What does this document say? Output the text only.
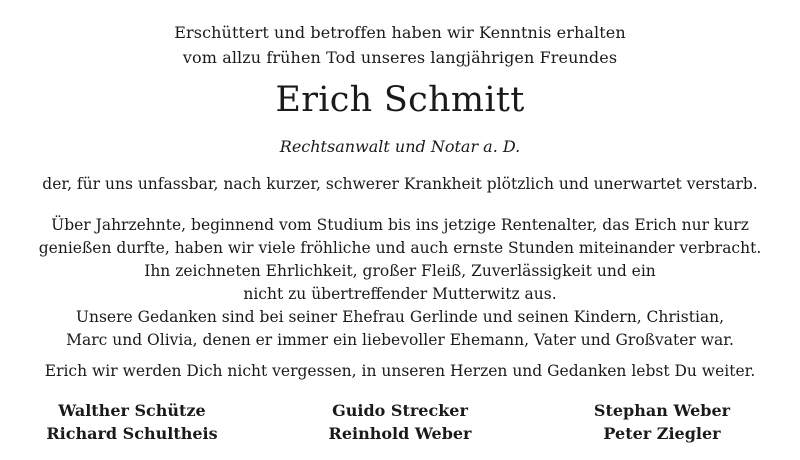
Erschüttert und betroffen haben wir Kenntnis erhalten
vom allzu frühen Tod unseres langjährigen Freundes
Erich Schmitt
Rechtsanwalt und Notar a. D.
der, für uns unfassbar, nach kurzer, schwerer Krankheit plötzlich und unerwartet verstarb.
Über Jahrzehnte, beginnend vom Studium bis ins jetzige Rentenalter, das Erich nur kurz
genießen durfte, haben wir viele fröhliche und auch ernste Stunden miteinander verbracht.
Ihn zeichneten Ehrlichkeit, großer Fleiß, Zuverlässigkeit und ein
nicht zu übertreffender Mutterwitz aus.
Unsere Gedanken sind bei seiner Ehefrau Gerlinde und seinen Kindern, Christian,
Marc und Olivia, denen er immer ein liebevoller Ehemann, Vater und Großvater war.
Erich wir werden Dich nicht vergessen, in unseren Herzen und Gedanken lebst Du weiter.
Walther Schütze	Guido Strecker	Stephan Weber
Richard Schultheis	Reinhold Weber	Peter Ziegler
